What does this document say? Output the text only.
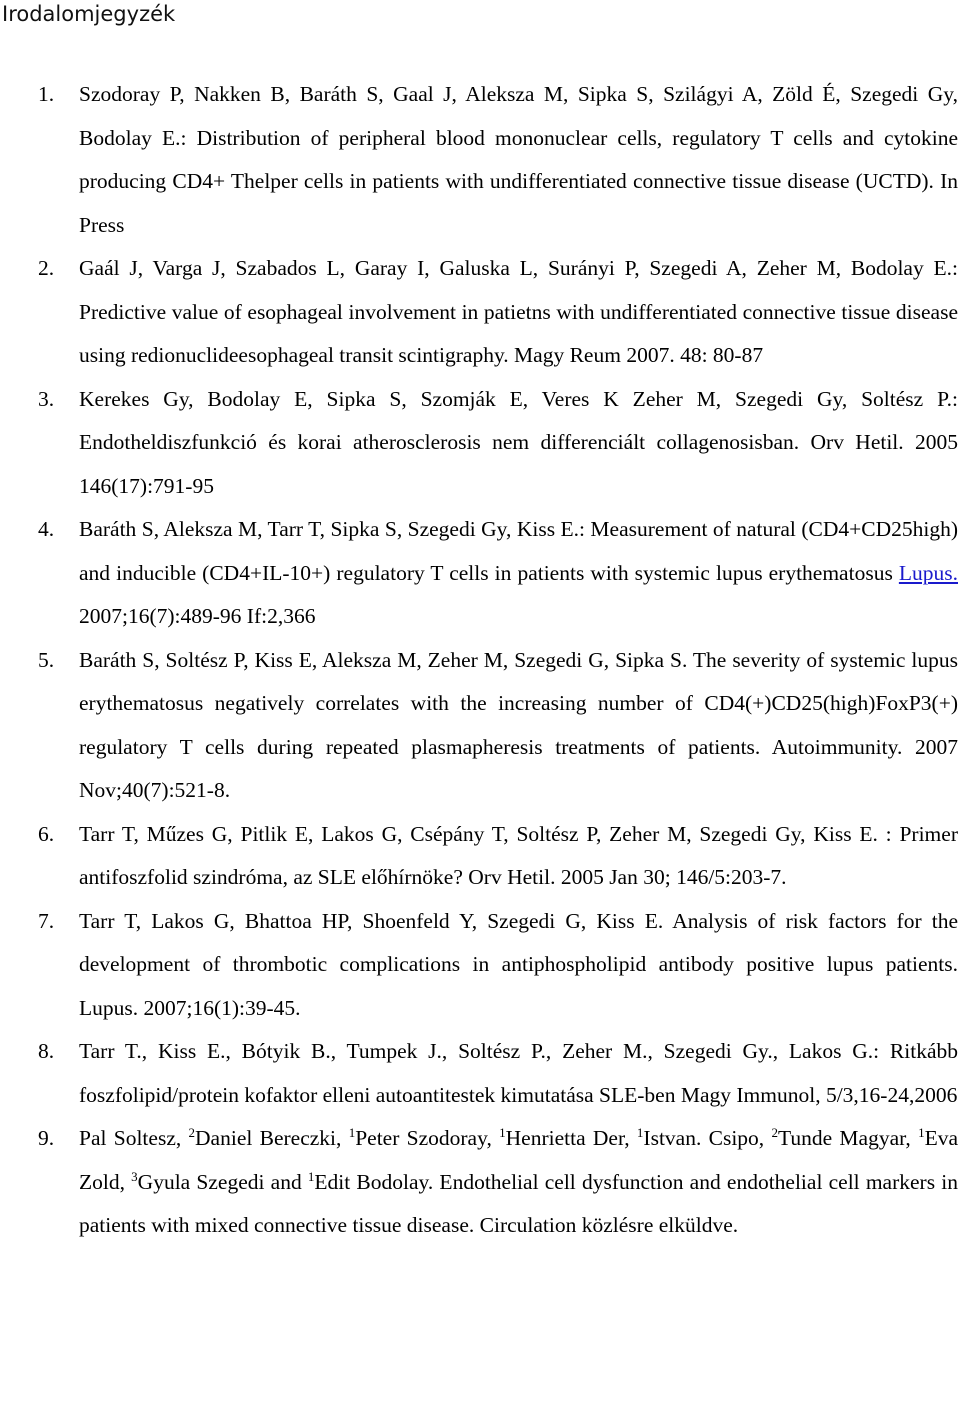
Irodalomjegyzék
1. Szodoray P, Nakken B, Baráth S, Gaal J, Aleksza M, Sipka S, Szilágyi A, Zöld É, Szegedi Gy, Bodolay E.: Distribution of peripheral blood mononuclear cells, regulatory T cells and cytokine producing CD4+ Thelper cells in patients with undifferentiated connective tissue disease (UCTD). In Press
2. Gaál J, Varga J, Szabados L, Garay I, Galuska L, Surányi P, Szegedi A, Zeher M, Bodolay E.: Predictive value of esophageal involvement in patietns with undifferentiated connective tissue disease using redionuclideesophageal transit scintigraphy. Magy Reum 2007. 48: 80-87
3. Kerekes Gy, Bodolay E, Sipka S, Szomják E, Veres K Zeher M, Szegedi Gy, Soltész P.: Endotheldiszfunkció és korai atherosclerosis nem differenciált collagenosisban. Orv Hetil. 2005 146(17):791-95
4. Baráth S, Aleksza M, Tarr T, Sipka S, Szegedi Gy, Kiss E.: Measurement of natural (CD4+CD25high) and inducible (CD4+IL-10+) regulatory T cells in patients with systemic lupus erythematosus Lupus. 2007;16(7):489-96 If:2,366
5. Baráth S, Soltész P, Kiss E, Aleksza M, Zeher M, Szegedi G, Sipka S. The severity of systemic lupus erythematosus negatively correlates with the increasing number of CD4(+)CD25(high)FoxP3(+) regulatory T cells during repeated plasmapheresis treatments of patients. Autoimmunity. 2007 Nov;40(7):521-8.
6. Tarr T, Műzes G, Pitlik E, Lakos G, Csépány T, Soltész P, Zeher M, Szegedi Gy, Kiss E. : Primer antifoszfolid szindróma, az SLE előhírnöke? Orv Hetil. 2005 Jan 30; 146/5:203-7.
7. Tarr T, Lakos G, Bhattoa HP, Shoenfeld Y, Szegedi G, Kiss E. Analysis of risk factors for the development of thrombotic complications in antiphospholipid antibody positive lupus patients. Lupus. 2007;16(1):39-45.
8. Tarr T., Kiss E., Bótyik B., Tumpek J., Soltész P., Zeher M., Szegedi Gy., Lakos G.: Ritkább foszfolipid/protein kofaktor elleni autoantitestek kimutatása SLE-ben Magy Immunol, 5/3,16-24,2006
9. Pal Soltesz, $^2$Daniel Bereczki, $^1$Peter Szodoray, $^1$Henrietta Der, $^1$Istvan. Csipo, $^2$Tunde Magyar, $^1$Eva Zold, $^3$Gyula Szegedi and $^1$Edit Bodolay. Endothelial cell dysfunction and endothelial cell markers in patients with mixed connective tissue disease. Circulation közlésre elküldve.
